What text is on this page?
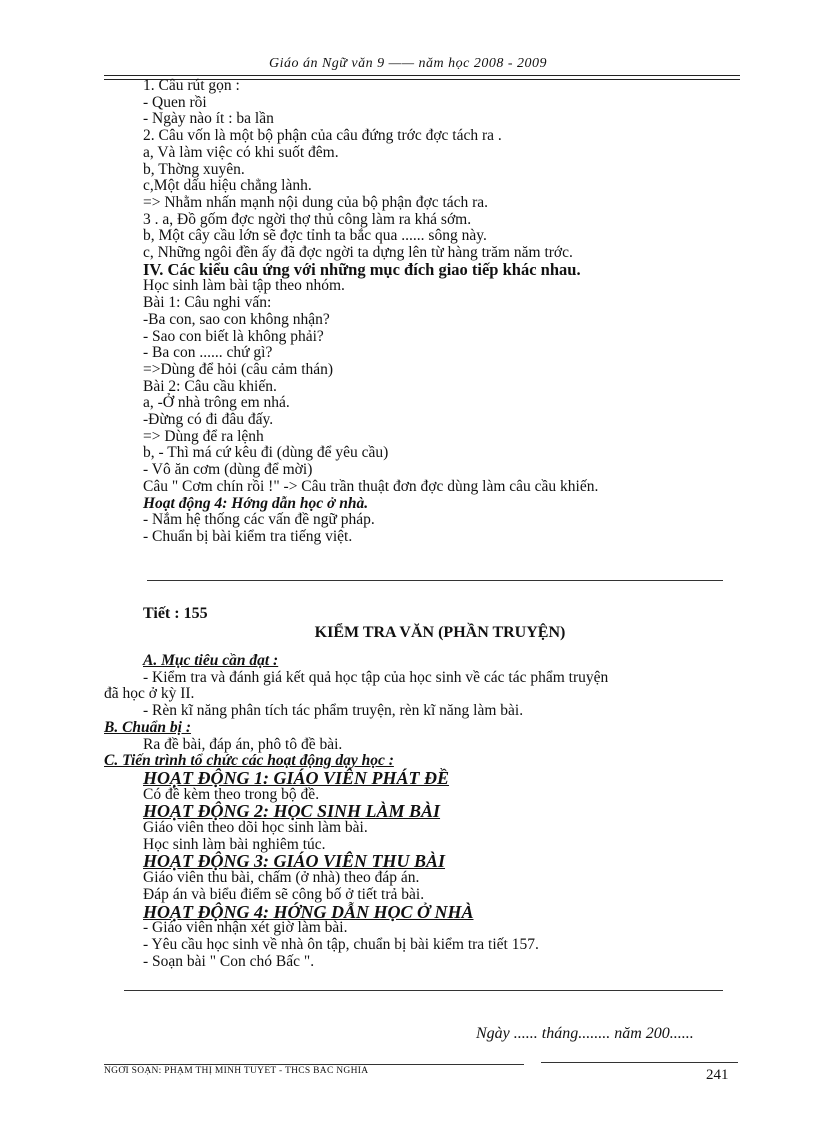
Giáo án Ngữ văn 9 —— năm học 2008 - 2009
1. Câu rút gọn :
- Quen rồi
- Ngày nào ít : ba lần
2. Câu vốn là một bộ phận của câu đứng trớc đợc tách ra .
a, Và làm việc có khi suốt đêm.
b, Thờng xuyên.
c,Một dấu hiệu chẳng lành.
=> Nhằm nhấn mạnh nội dung của bộ phận đợc tách ra.
3 . a, Đồ gốm đợc ngời thợ thủ công làm ra khá sớm.
b, Một cây cầu lớn sẽ đợc tỉnh ta bắc qua ...... sông này.
c, Những ngôi đền ấy đã đợc ngời ta dựng lên từ hàng trăm năm trớc.
IV. Các kiểu câu ứng với những mục đích giao tiếp khác nhau.
Học sinh làm bài tập theo nhóm.
Bài 1: Câu nghi vấn:
-Ba con, sao con không nhận?
- Sao con biết là không phải?
- Ba con ...... chứ gì?
=>Dùng để hỏi (câu cảm thán)
Bài 2: Câu cầu khiến.
a, -Ở nhà trông em nhá.
-Đừng có đi đâu đấy.
=> Dùng để ra lệnh
b, - Thì má cứ kêu đi (dùng để yêu cầu)
- Vô ăn cơm (dùng để mời)
Câu " Cơm chín rồi !" -> Câu trần thuật đơn đợc dùng làm câu cầu khiến.
Hoạt động 4: Hớng dẫn học ở nhà.
- Nắm hệ thống các vấn đề ngữ pháp.
- Chuẩn bị bài kiểm tra tiếng việt.
Tiết : 155
KIỂM TRA VĂN (PHẦN TRUYỆN)
A. Mục tiêu cần đạt :
- Kiểm tra và đánh giá kết quả học tập của học sinh về các tác phẩm truyện
đã học ở kỳ II.
- Rèn kĩ năng phân tích tác phẩm truyện, rèn kĩ năng làm bài.
B. Chuẩn bị :
Ra đề bài, đáp án, phô tô đề bài.
C. Tiến trình tổ chức các hoạt động dạy học :
HOẠT ĐỘNG 1: GIÁO VIÊN PHÁT ĐỀ
Có đề kèm theo trong bộ đề.
HOẠT ĐỘNG 2: HỌC SINH LÀM BÀI
Giáo viên theo dõi học sinh làm bài.
Học sinh làm bài nghiêm túc.
HOẠT ĐỘNG 3: GIÁO VIÊN THU BÀI
Giáo viên thu bài, chấm (ở nhà) theo đáp án.
Đáp án và biểu điểm sẽ công bố ở tiết trả bài.
HOẠT ĐỘNG 4: HỚNG DẪN HỌC Ở NHÀ
- Giáo viên nhận xét giờ làm bài.
- Yêu cầu học sinh về nhà ôn tập, chuẩn bị bài kiểm tra tiết 157.
- Soạn bài " Con chó Bấc ".
Ngày ...... tháng........ năm 200......
NGỜI SOẠN: PHẠM THỊ MINH TUYẾT - THCS BẮC NGHĨA	241
